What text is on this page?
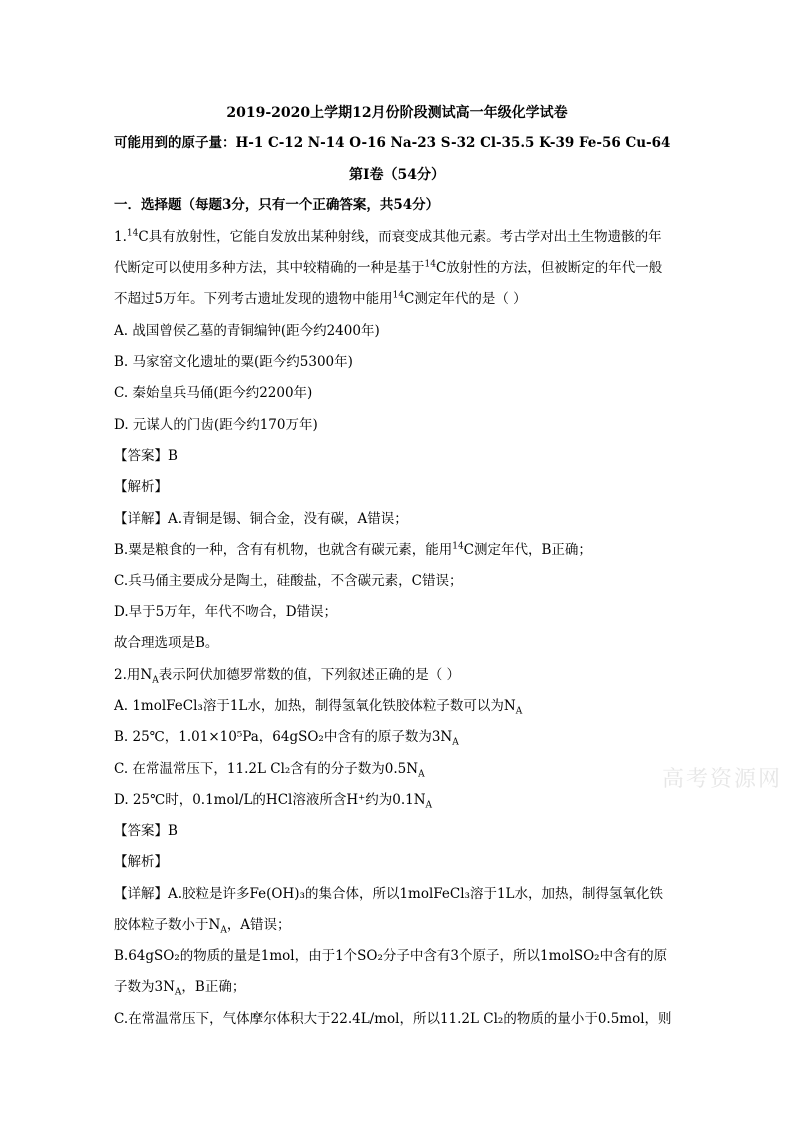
2019-2020上学期12月份阶段测试高一年级化学试卷
可能用到的原子量：H-1 C-12 N-14 O-16 Na-23 S-32 Cl-35.5 K-39 Fe-56 Cu-64
第Ⅰ卷（54分）
一．选择题（每题3分，只有一个正确答案，共54分）
1.14C具有放射性，它能自发放出某种射线，而衰变成其他元素。考古学对出土生物遗骸的年
代断定可以使用多种方法，其中较精确的一种是基于$^{14}$C放射性的方法，但被断定的年代一般
不超过5万年。下列考古遗址发现的遗物中能用$^{14}$C测定年代的是（ ）
A. 战国曾侯乙墓的青铜编钟(距今约2400年)
B. 马家窑文化遗址的粟(距今约5300年)
C. 秦始皇兵马俑(距今约2200年)
D. 元谋人的门齿(距今约170万年)
【答案】B
【解析】
【详解】A.青铜是锡、铜合金，没有碳，A错误；
B.粟是粮食的一种，含有有机物，也就含有碳元素，能用$^{14}$C测定年代，B正确；
C.兵马俑主要成分是陶土，硅酸盐，不含碳元素，C错误；
D.早于5万年，年代不吻合，D错误；
故合理选项是B。
2.用$N_A$表示阿伏加德罗常数的值，下列叙述正确的是（ ）
A. 1molFeCl₃溶于1L水，加热，制得氢氧化铁胶体粒子数可以为$N_A$
B. 25℃，1.01×10⁵Pa，64gSO₂中含有的原子数为$3N_A$
C. 在常温常压下，11.2L Cl₂含有的分子数为$0.5N_A$
D. 25℃时，0.1mol/L的HCl溶液所含H⁺约为$0.1N_A$
【答案】B
【解析】
【详解】A.胶粒是许多Fe(OH)₃的集合体，所以1molFeCl₃溶于1L水，加热，制得氢氧化铁
胶体粒子数小于$N_A$，A错误；
B.64gSO₂的物质的量是1mol，由于1个SO₂分子中含有3个原子，所以1molSO₂中含有的原
子数为$3N_A$，B正确；
C.在常温常压下，气体摩尔体积大于22.4L/mol，所以11.2L Cl₂的物质的量小于0.5mol，则
高考资源网
